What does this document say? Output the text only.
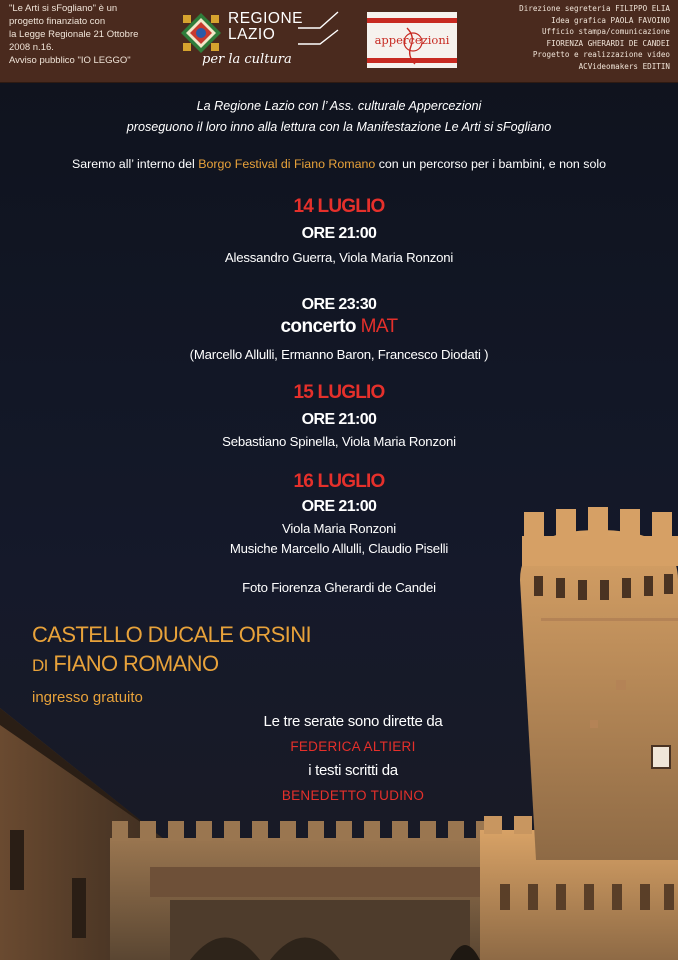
"Le Arti si sFogliano" è un
progetto finanziato con
la Legge Regionale 21 Ottobre
2008 n.16.
Avviso pubblico "IO LEGGO"
REGIONE
LAZIO
per la cultura
appercezioni
Direzione segreteria FILIPPO ELIA
Idea grafica PAOLA FAVOINO
Ufficio stampa/comunicazione
FIORENZA GHERARDI DE CANDEI
Progetto e realizzazione video
ACVideomakers EDITIN

La Regione Lazio con l’ Ass. culturale Appercezioni

proseguono il loro inno alla lettura con la Manifestazione Le Arti si sFogliano

Saremo all’ interno del Borgo Festival di Fiano Romano con un percorso per i bambini, e non solo

14 LUGLIO

ORE 21:00

Alessandro Guerra, Viola Maria Ronzoni

ORE 23:30

concerto MAT

(Marcello Allulli, Ermanno Baron, Francesco Diodati )

15 LUGLIO

ORE 21:00

Sebastiano Spinella, Viola Maria Ronzoni

16 LUGLIO

ORE 21:00

Viola Maria Ronzoni

Musiche Marcello Allulli, Claudio Piselli

Foto Fiorenza Gherardi de Candei

CASTELLO DUCALE ORSINI

DI FIANO ROMANO

ingresso gratuito

Le tre serate sono dirette da

FEDERICA ALTIERI

i testi scritti da

BENEDETTO TUDINO
